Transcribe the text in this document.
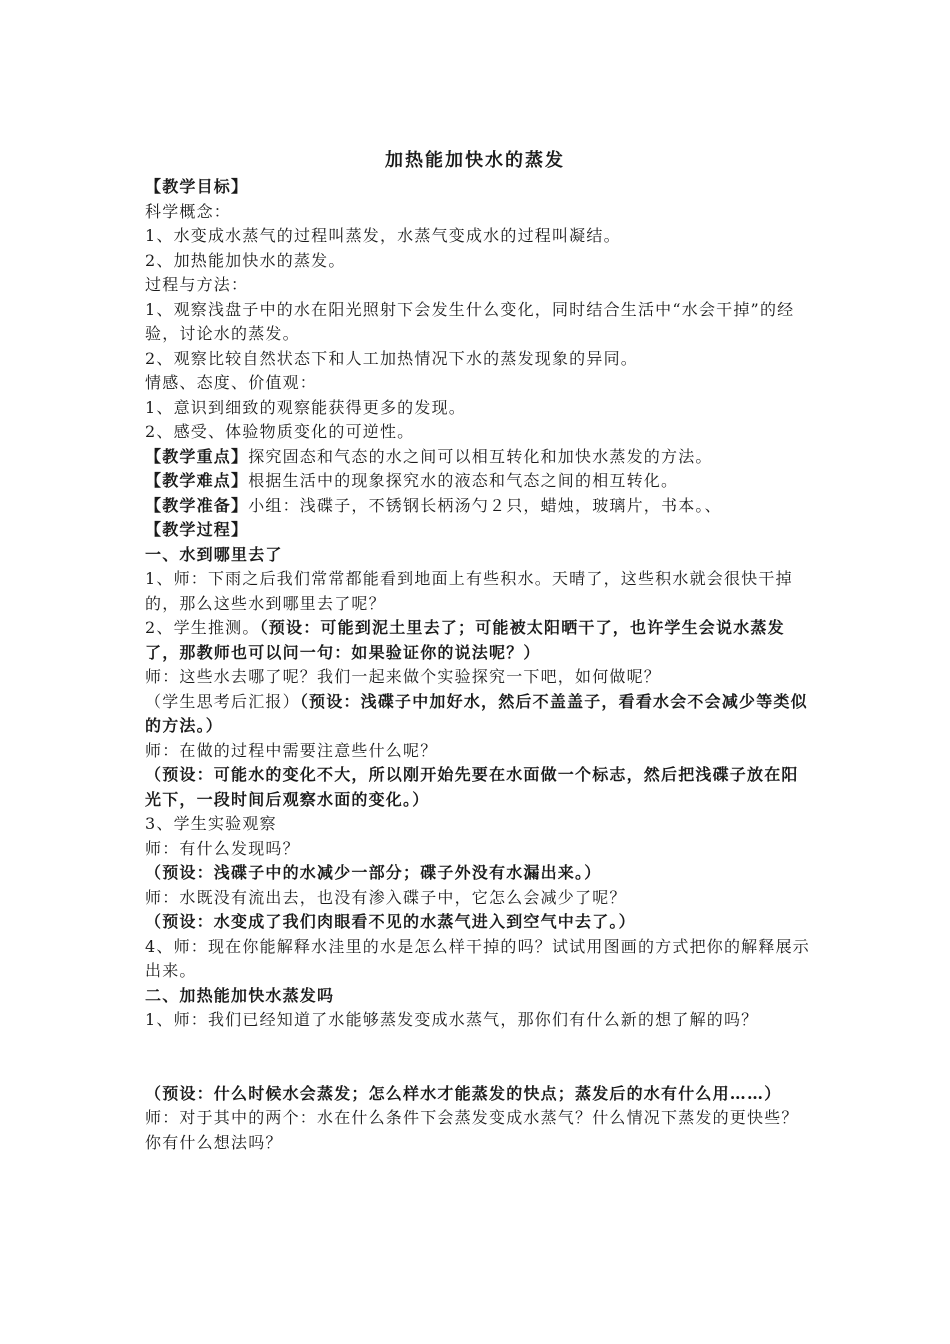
加热能加快水的蒸发

【教学目标】

科学概念：

1、水变成水蒸气的过程叫蒸发，水蒸气变成水的过程叫凝结。

2、加热能加快水的蒸发。

过程与方法：

1、观察浅盘子中的水在阳光照射下会发生什么变化，同时结合生活中“水会干掉”的经验，讨论水的蒸发。

2、观察比较自然状态下和人工加热情况下水的蒸发现象的异同。

情感、态度、价值观：

1、意识到细致的观察能获得更多的发现。

2、感受、体验物质变化的可逆性。

【教学重点】探究固态和气态的水之间可以相互转化和加快水蒸发的方法。

【教学难点】根据生活中的现象探究水的液态和气态之间的相互转化。

【教学准备】小组：浅碟子，不锈钢长柄汤勺２只，蜡烛，玻璃片，书本。、

【教学过程】

一、水到哪里去了

1、师：下雨之后我们常常都能看到地面上有些积水。天晴了，这些积水就会很快干掉的，那么这些水到哪里去了呢？

2、学生推测。（预设：可能到泥土里去了；可能被太阳晒干了，也许学生会说水蒸发了，那教师也可以问一句：如果验证你的说法呢？）

师：这些水去哪了呢？我们一起来做个实验探究一下吧，如何做呢？

（学生思考后汇报）（预设：浅碟子中加好水，然后不盖盖子，看看水会不会减少等类似的方法。）

师：在做的过程中需要注意些什么呢？

（预设：可能水的变化不大，所以刚开始先要在水面做一个标志，然后把浅碟子放在阳光下，一段时间后观察水面的变化。）

3、学生实验观察

师：有什么发现吗？

（预设：浅碟子中的水减少一部分；碟子外没有水漏出来。）

师：水既没有流出去，也没有渗入碟子中，它怎么会减少了呢？

（预设：水变成了我们肉眼看不见的水蒸气进入到空气中去了。）

4、师：现在你能解释水洼里的水是怎么样干掉的吗？试试用图画的方式把你的解释展示出来。

二、加热能加快水蒸发吗

1、师：我们已经知道了水能够蒸发变成水蒸气，那你们有什么新的想了解的吗？

（预设：什么时候水会蒸发；怎么样水才能蒸发的快点；蒸发后的水有什么用……）

师：对于其中的两个：水在什么条件下会蒸发变成水蒸气？什么情况下蒸发的更快些？你有什么想法吗？
